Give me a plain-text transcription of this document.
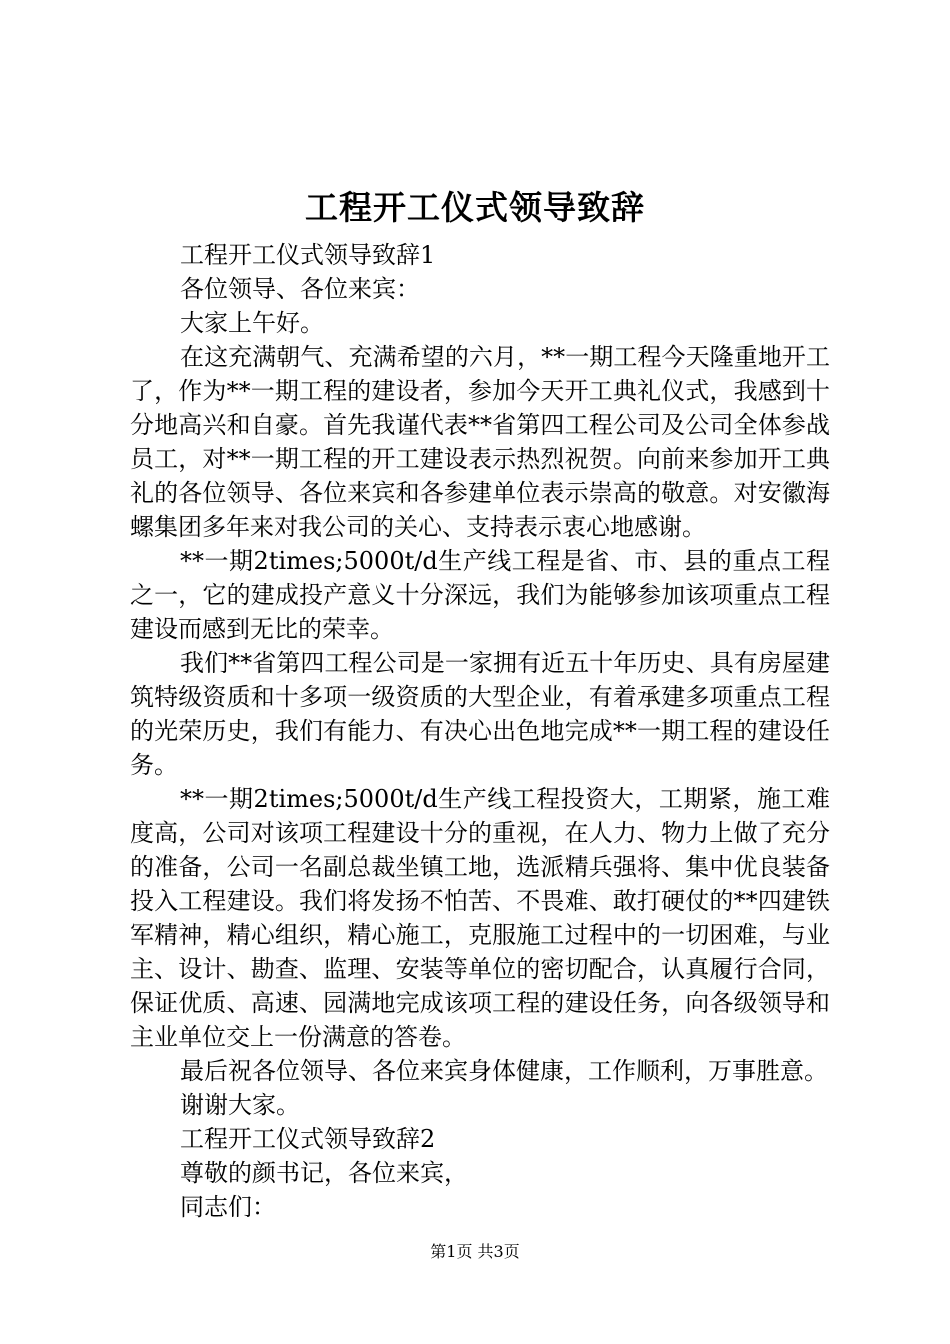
工程开工仪式领导致辞

工程开工仪式领导致辞1

各位领导、各位来宾：

大家上午好。

在这充满朝气、充满希望的六月，**一期工程今天隆重地开工了，作为**一期工程的建设者，参加今天开工典礼仪式，我感到十分地高兴和自豪。首先我谨代表**省第四工程公司及公司全体参战员工，对**一期工程的开工建设表示热烈祝贺。向前来参加开工典礼的各位领导、各位来宾和各参建单位表示崇高的敬意。对安徽海螺集团多年来对我公司的关心、支持表示衷心地感谢。

**一期2times;5000t/d生产线工程是省、市、县的重点工程之一，它的建成投产意义十分深远，我们为能够参加该项重点工程建设而感到无比的荣幸。

我们**省第四工程公司是一家拥有近五十年历史、具有房屋建筑特级资质和十多项一级资质的大型企业，有着承建多项重点工程的光荣历史，我们有能力、有决心出色地完成**一期工程的建设任务。

**一期2times;5000t/d生产线工程投资大，工期紧，施工难度高，公司对该项工程建设十分的重视，在人力、物力上做了充分的准备，公司一名副总裁坐镇工地，选派精兵强将、集中优良装备投入工程建设。我们将发扬不怕苦、不畏难、敢打硬仗的**四建铁军精神，精心组织，精心施工，克服施工过程中的一切困难，与业主、设计、勘查、监理、安装等单位的密切配合，认真履行合同，保证优质、高速、园满地完成该项工程的建设任务，向各级领导和主业单位交上一份满意的答卷。

最后祝各位领导、各位来宾身体健康，工作顺利，万事胜意。

谢谢大家。

工程开工仪式领导致辞2

尊敬的颜书记，各位来宾，

同志们：

第1页 共3页
